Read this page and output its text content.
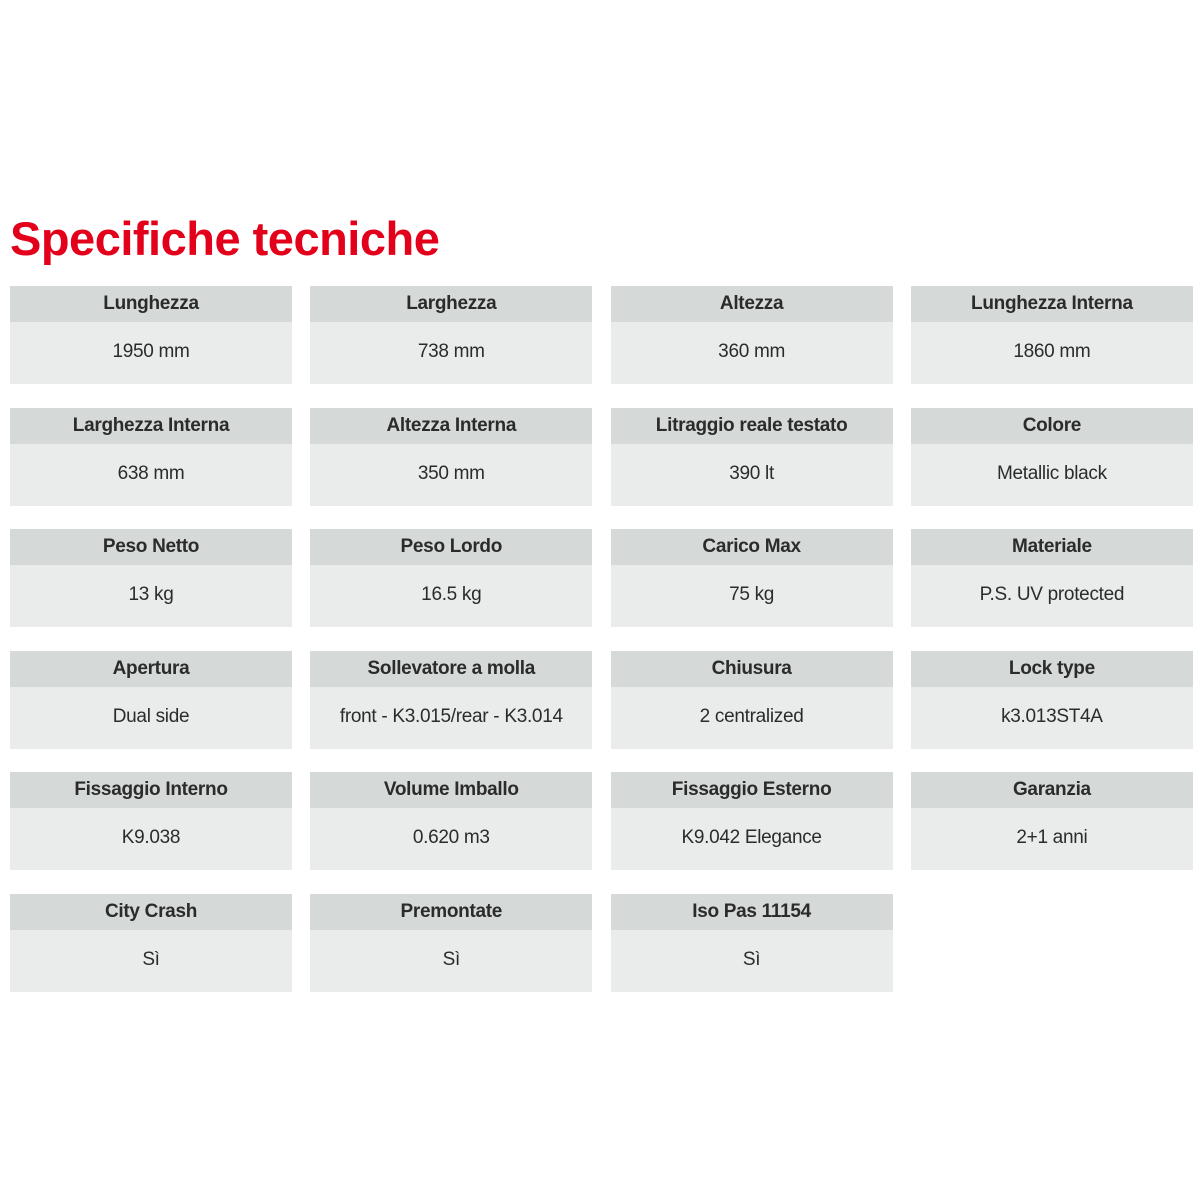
Specifiche tecniche
Lunghezza
1950 mm
Larghezza
738 mm
Altezza
360 mm
Lunghezza Interna
1860 mm
Larghezza Interna
638 mm
Altezza Interna
350 mm
Litraggio reale testato
390 lt
Colore
Metallic black
Peso Netto
13 kg
Peso Lordo
16.5 kg
Carico Max
75 kg
Materiale
P.S. UV protected
Apertura
Dual side
Sollevatore a molla
front - K3.015/rear - K3.014
Chiusura
2 centralized
Lock type
k3.013ST4A
Fissaggio Interno
K9.038
Volume Imballo
0.620 m3
Fissaggio Esterno
K9.042 Elegance
Garanzia
2+1 anni
City Crash
Sì
Premontate
Sì
Iso Pas 11154
Sì
